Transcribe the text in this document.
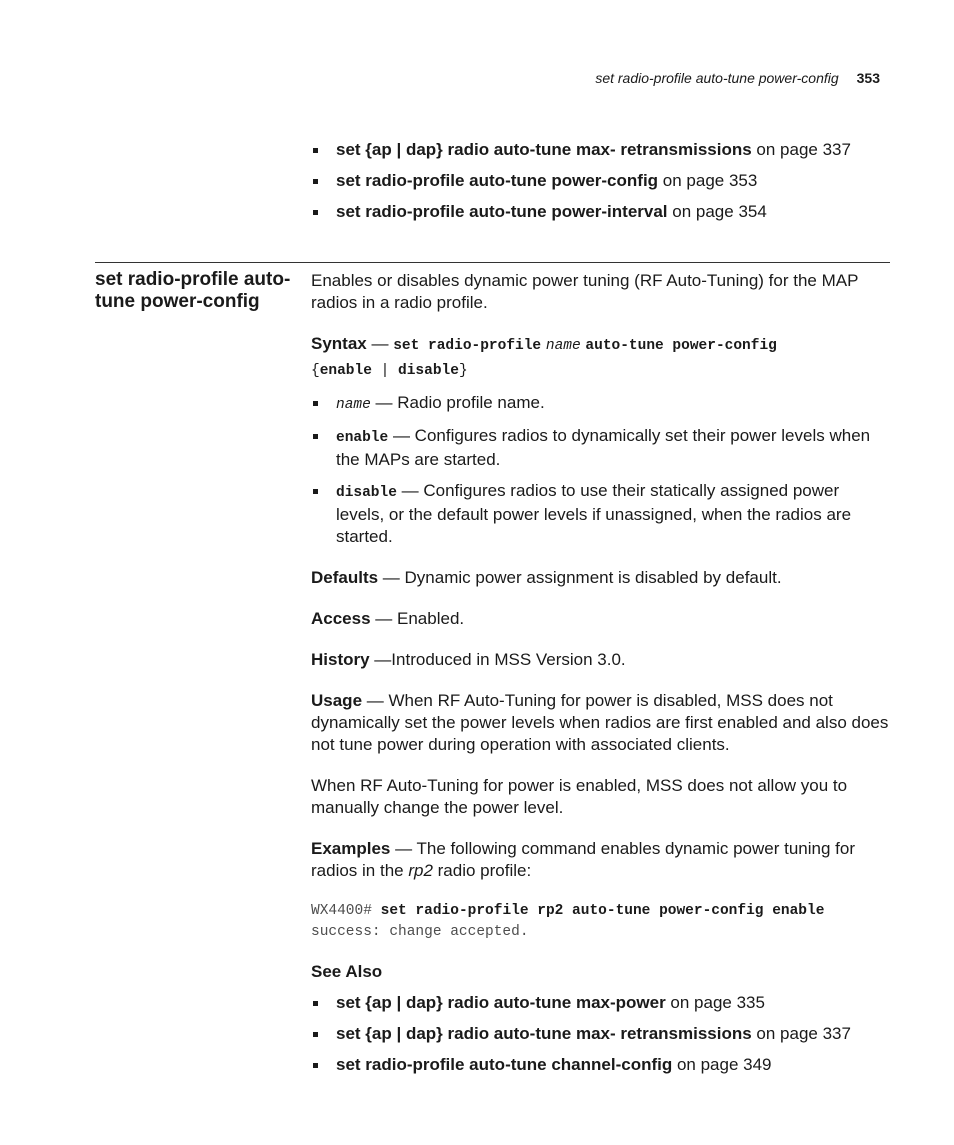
set radio-profile auto-tune power-config 353
set {ap | dap} radio auto-tune max- retransmissions on page 337
set radio-profile auto-tune power-config on page 353
set radio-profile auto-tune power-interval on page 354
set radio-profile auto-tune power-config

Enables or disables dynamic power tuning (RF Auto-Tuning) for the MAP radios in a radio profile.

Syntax — set radio-profile name auto-tune power-config
{enable | disable}
name — Radio profile name.
enable — Configures radios to dynamically set their power levels when the MAPs are started.
disable — Configures radios to use their statically assigned power levels, or the default power levels if unassigned, when the radios are started.

Defaults — Dynamic power assignment is disabled by default.

Access — Enabled.

History —Introduced in MSS Version 3.0.

Usage — When RF Auto-Tuning for power is disabled, MSS does not dynamically set the power levels when radios are first enabled and also does not tune power during operation with associated clients.

When RF Auto-Tuning for power is enabled, MSS does not allow you to manually change the power level.

Examples — The following command enables dynamic power tuning for radios in the rp2 radio profile:

WX4400# set radio-profile rp2 auto-tune power-config enable
success: change accepted.
See Also
set {ap | dap} radio auto-tune max-power on page 335
set {ap | dap} radio auto-tune max- retransmissions on page 337
set radio-profile auto-tune channel-config on page 349
